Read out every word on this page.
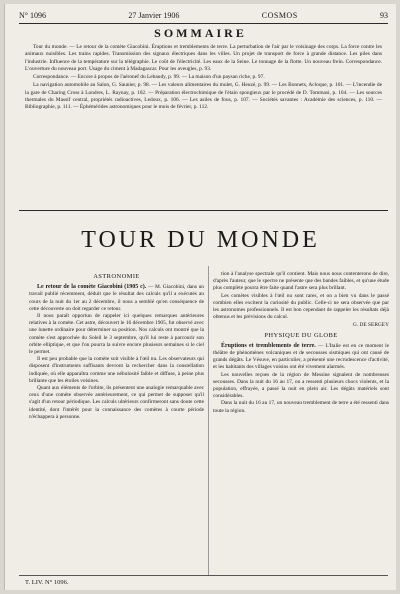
N° 1096	27 Janvier 1906	COSMOS	93
SOMMAIRE

Tour du monde. — Le retour de la comète Giacobini. Éruptions et tremblements de terre. La perturbation de l'air par le voisinage des corps. La force contre les animaux nuisibles. Les trains rapides. Transmission des signaux électriques dans les villes. Un projet de transport de force à grande distance. Les piles dans l'industrie. Influence de la température sur la télégraphie. Le coût de l'électricité. Les eaux de la Seine. Le tonnage de la flotte. Un nouveau frein. Correspondance. L'ouverture du nouveau port. Usage du ciment à Madagascar. Pour les aveugles, p. 93.

Correspondance. — Encore à propos de l'aéronef du Lebaudy, p. 99. — La maison d'un paysan riche, p. 97.

La navigation automobile au Salon, G. Saunier, p. 98. — Les valeurs alimentaires du mulet, G. Heuzé, p. 99. — Les Bonnets, Acloque, p. 101. — L'incendie de la gare de Charing Cross à Londres, L. Raynay, p. 102. — Préparation électrochimique de l'étain spongieux par le procédé de D. Tommasi, p. 104. — Les sources thermales du Massif central, propriétés radioactives, Ledoux, p. 106. — Les asiles de fous, p. 107. — Sociétés savantes : Académie des sciences, p. 110. — Bibliographie, p. 111. — Éphémérides astronomiques pour le mois de février, p. 112.

TOUR DU MONDE
ASTRONOMIE

Le retour de la comète Giacobini (1905 c). — M. Giacobini, dans un travail publié récemment, déduit que le résultat des calculs qu'il a exécutés au cours de la nuit du 1er au 2 décembre, il nous a semblé qu'en conséquence de cette découverte on doit regarder ce retour.

Il nous paraît opportun de rappeler ici quelques remarques antérieures relatives à la comète. Cet astre, découvert le 16 décembre 1905, fut observé avec une lunette ordinaire pour déterminer sa position. Nos calculs ont montré que la comète s'est approchée du Soleil le 3 septembre, qu'il lui reste à parcourir son orbite elliptique, et que l'on pourra la suivre encore plusieurs semaines si le ciel le permet.

Il est peu probable que la comète soit visible à l'œil nu. Les observateurs qui disposent d'instruments suffisants devront la rechercher dans la constellation indiquée, où elle apparaîtra comme une nébulosité faible et diffuse, à peine plus brillante que les étoiles voisines.

Quant aux éléments de l'orbite, ils présentent une analogie remarquable avec ceux d'une comète observée antérieurement, ce qui permet de supposer qu'il s'agit d'un retour périodique. Les calculs ultérieurs confirmeront sans doute cette identité, dont l'intérêt pour la connaissance des comètes à courte période n'échappera à personne.

tion à l'analyse spectrale qu'il contient. Mais nous nous contenterons de dire, d'après l'auteur, que le spectre ne présente que des bandes faibles, et qu'une étude plus complète pourra être faite quand l'astre sera plus brillant.

Les comètes visibles à l'œil nu sont rares, et on a bien vu dans le passé combien elles excitent la curiosité du public. Celle-ci ne sera observée que par les astronomes professionnels. Il est bon cependant de rappeler les résultats déjà obtenus et les prévisions du calcul.

G. DE SERGEY
PHYSIQUE DU GLOBE

Éruptions et tremblements de terre. — L'Italie est en ce moment le théâtre de phénomènes volcaniques et de secousses sismiques qui ont causé de grands dégâts. Le Vésuve, en particulier, a présenté une recrudescence d'activité, et les habitants des villages voisins ont été vivement alarmés.

Les nouvelles reçues de la région de Messine signalent de nombreuses secousses. Dans la nuit du 16 au 17, on a ressenti plusieurs chocs violents, et la population, effrayée, a passé la nuit en plein air. Les dégâts matériels sont considérables.

Dans la nuit du 16 au 17, un nouveau tremblement de terre a été ressenti dans toute la région.

T. LIV. N° 1096.
